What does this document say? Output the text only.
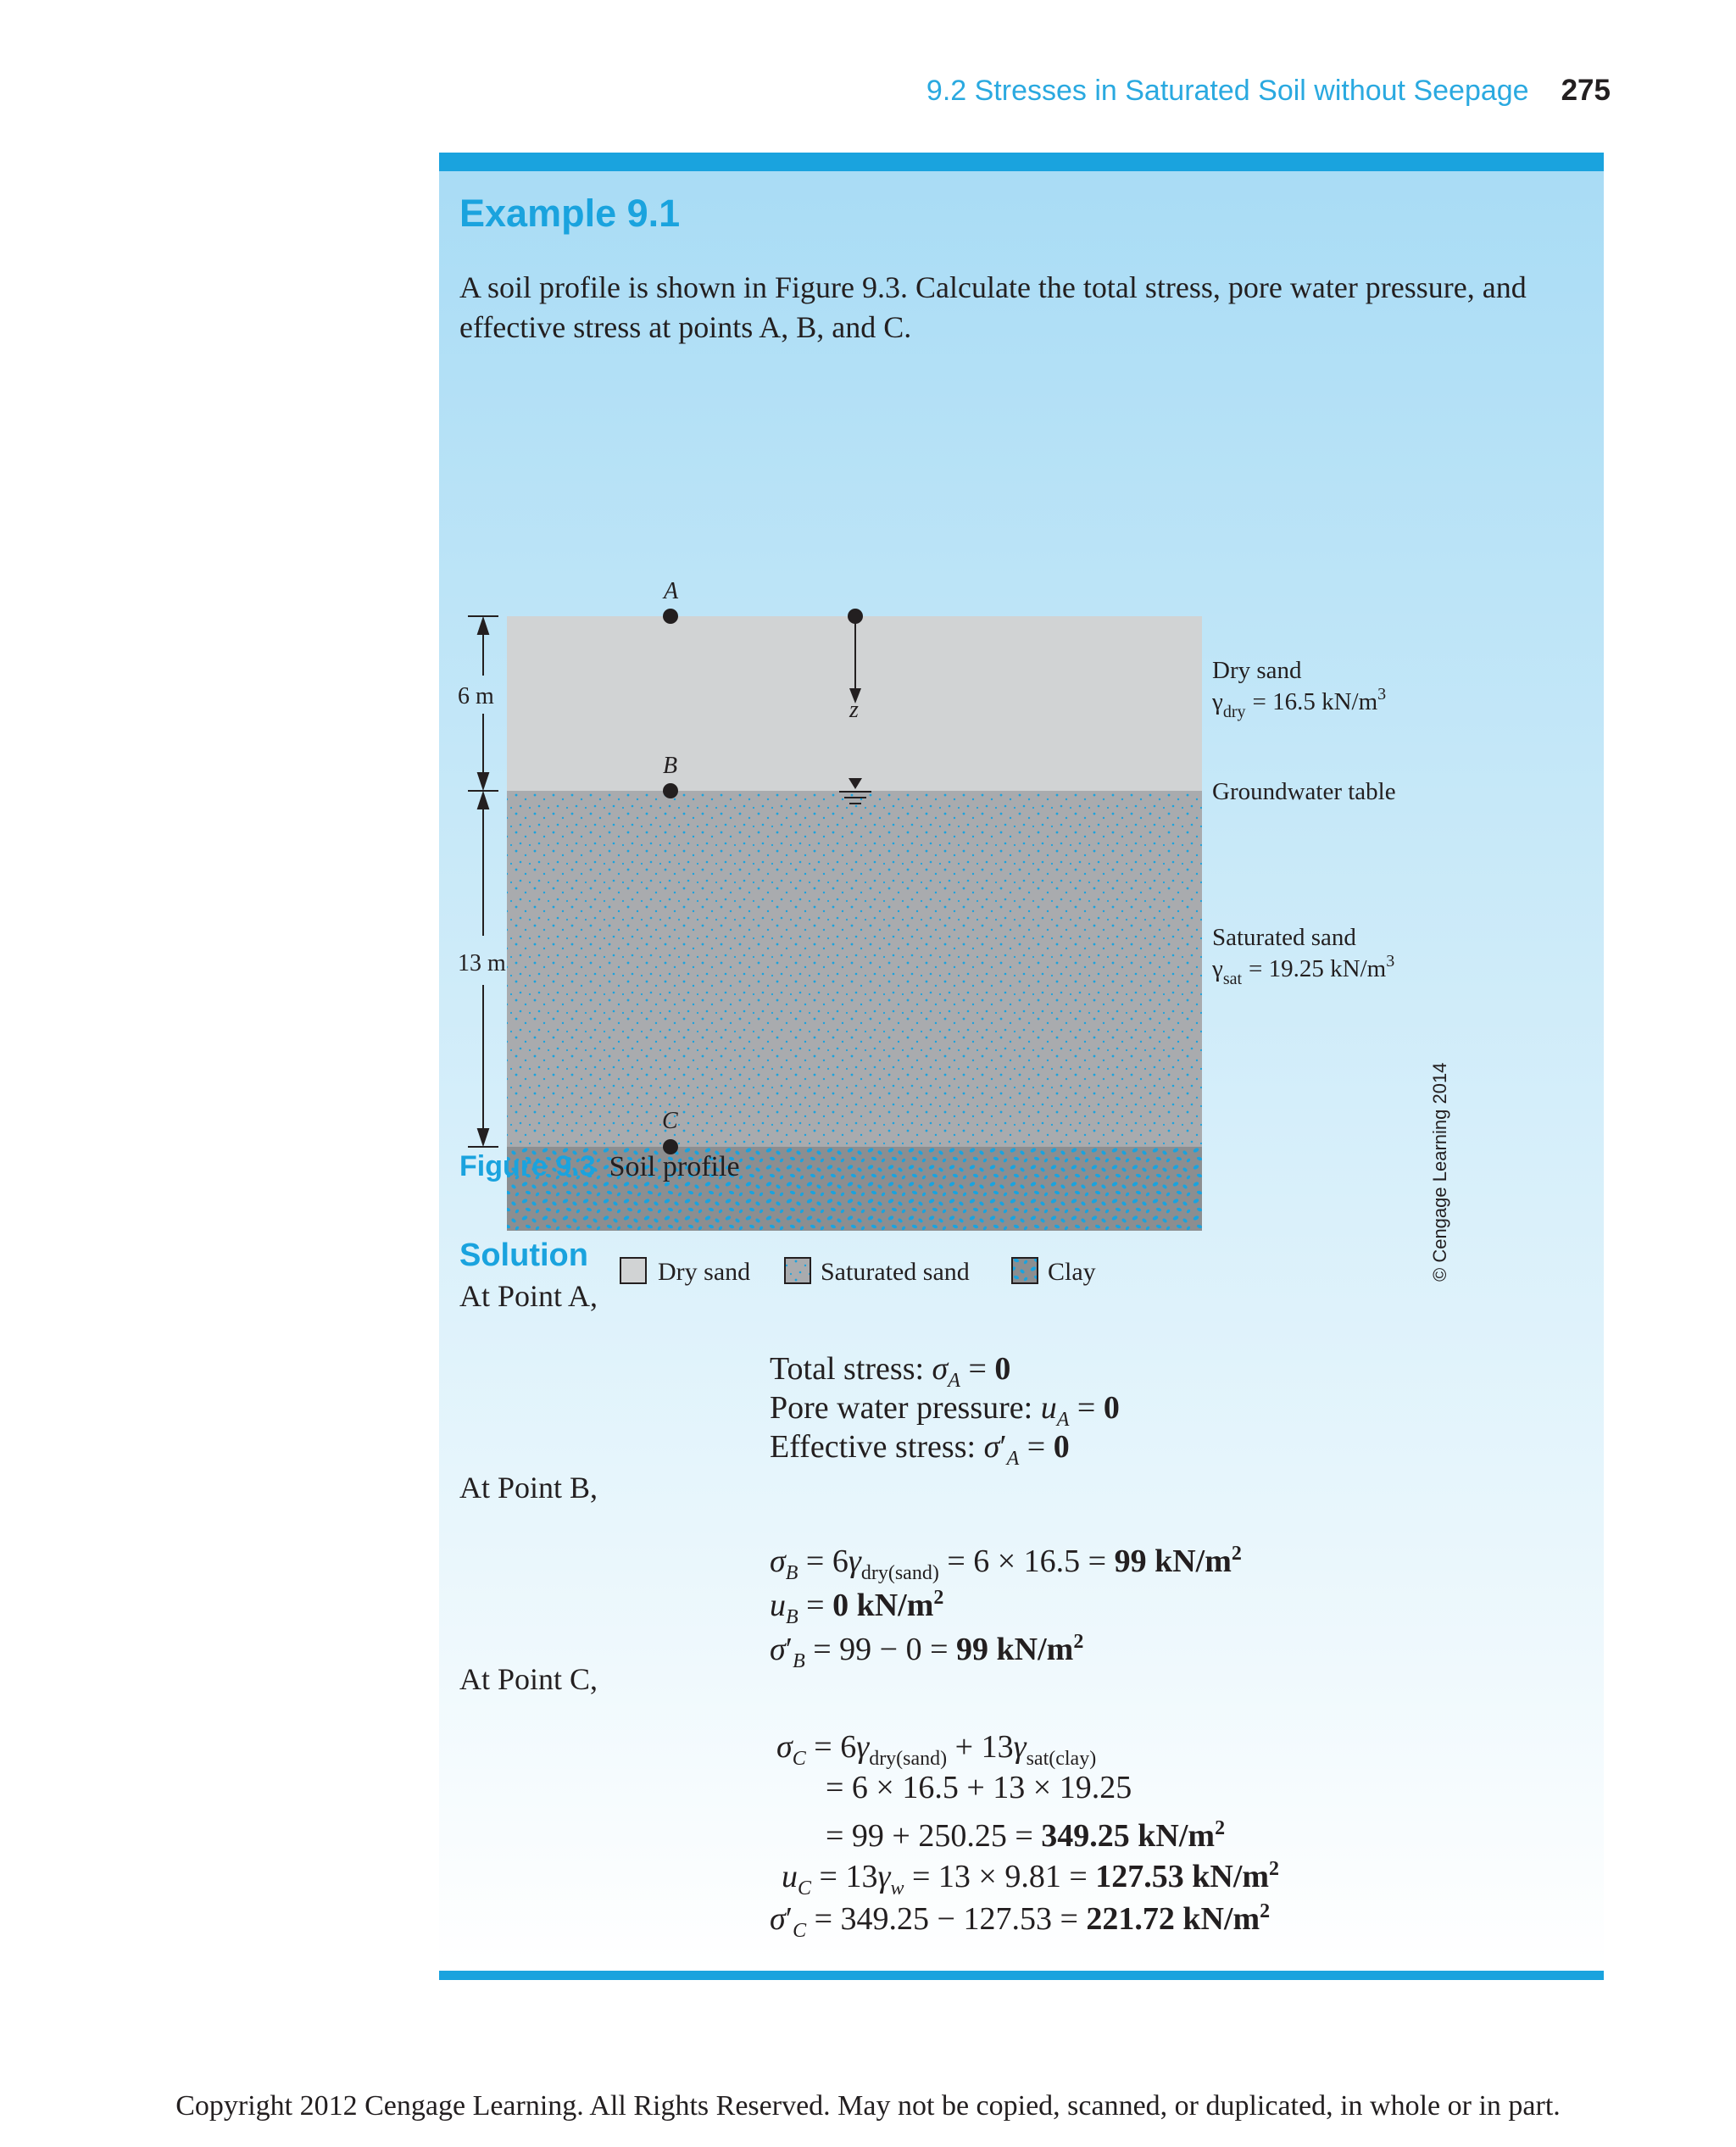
9.2 Stresses in Saturated Soil without Seepage 275
Example 9.1
A soil profile is shown in Figure 9.3. Calculate the total stress, pore water pressure, and effective stress at points A, B, and C.
6 m
13 m
A
B
C
z
Dry sand
$\gamma_{dry} = 16.5$ $kN/m^3$
Groundwater table
Saturated sand
$\gamma_{sat} = 19.25$ $kN/m^3$
© Cengage Learning 2014
Dry sand	Saturated sand	Clay
Figure 9.3 Soil profile
Solution
At Point A,
Total stress: $\sigma_A = 0$
Pore water pressure: $u_A = 0$
Effective stress: $\sigma'_A = 0$
At Point B,
$\sigma_B = 6\gamma_{dry(sand)} = 6 \times 16.5 = 99$ $kN/m^2$
$u_B = 0$ $kN/m^2$
$\sigma'_B = 99 - 0 = 99$ $kN/m^2$
At Point C,
$\sigma_C = 6\gamma_{dry(sand)} + 13\gamma_{sat(clay)}$
= 6 × 16.5 + 13 × 19.25
= 99 + 250.25 = 349.25 $kN/m^2$
$u_C = 13\gamma_w = 13 \times 9.81 = 127.53$ $kN/m^2$
$\sigma'_C = 349.25 - 127.53 = 221.72$ $kN/m^2$
Copyright 2012 Cengage Learning. All Rights Reserved. May not be copied, scanned, or duplicated, in whole or in part.
